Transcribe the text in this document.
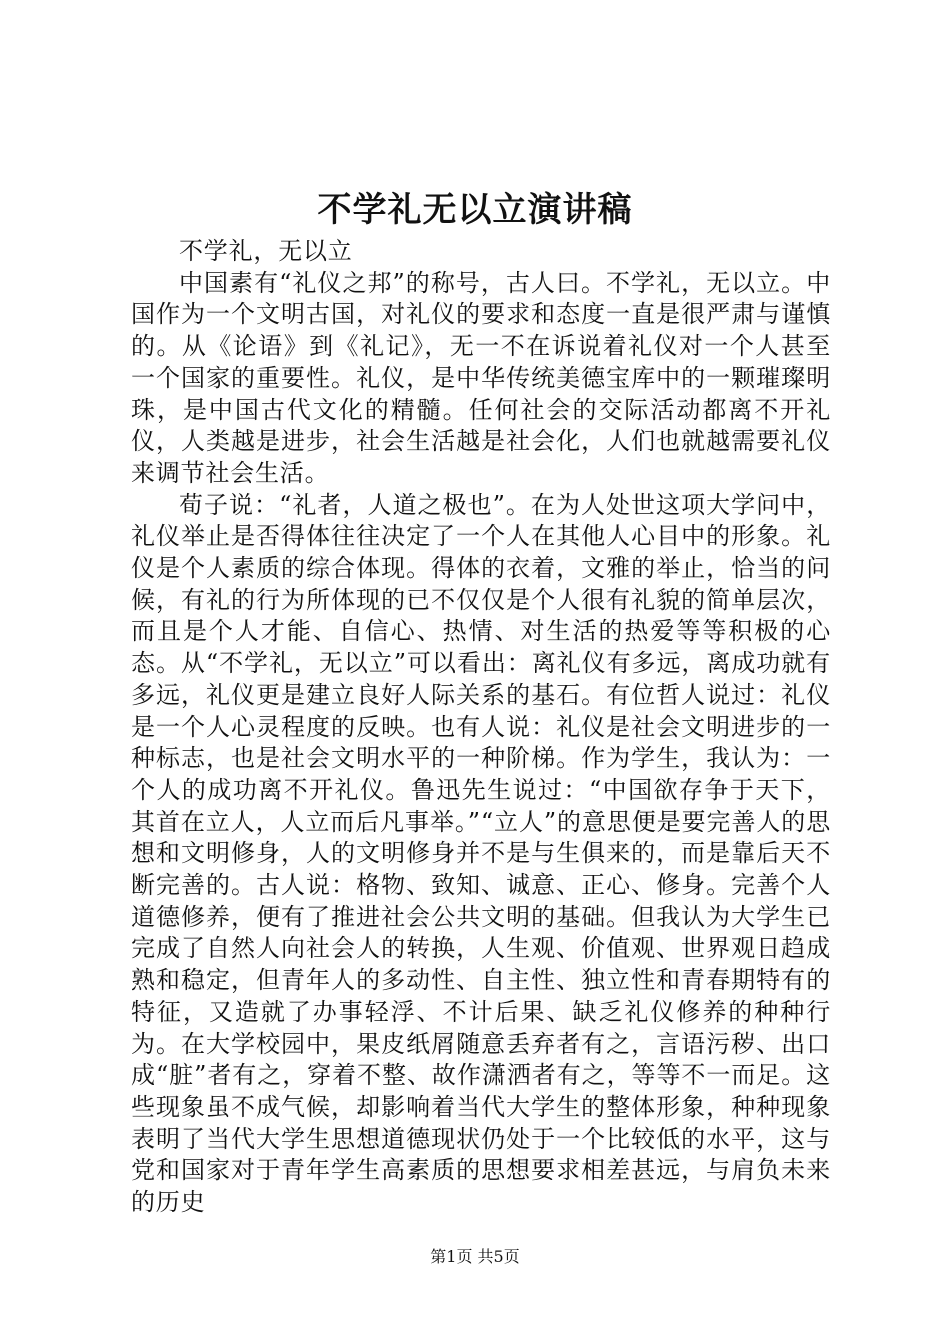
不学礼无以立演讲稿

不学礼，无以立

中国素有“礼仪之邦”的称号，古人曰。不学礼，无以立。中国作为一个文明古国，对礼仪的要求和态度一直是很严肃与谨慎的。从《论语》到《礼记》，无一不在诉说着礼仪对一个人甚至一个国家的重要性。礼仪，是中华传统美德宝库中的一颗璀璨明珠，是中国古代文化的精髓。任何社会的交际活动都离不开礼仪，人类越是进步，社会生活越是社会化，人们也就越需要礼仪来调节社会生活。

荀子说：“礼者，人道之极也”。在为人处世这项大学问中，礼仪举止是否得体往往决定了一个人在其他人心目中的形象。礼仪是个人素质的综合体现。得体的衣着，文雅的举止，恰当的问候，有礼的行为所体现的已不仅仅是个人很有礼貌的简单层次，而且是个人才能、自信心、热情、对生活的热爱等等积极的心态。从“不学礼，无以立”可以看出：离礼仪有多远，离成功就有多远，礼仪更是建立良好人际关系的基石。有位哲人说过：礼仪是一个人心灵程度的反映。也有人说：礼仪是社会文明进步的一种标志，也是社会文明水平的一种阶梯。作为学生，我认为：一个人的成功离不开礼仪。鲁迅先生说过：“中国欲存争于天下，其首在立人，人立而后凡事举。”“立人”的意思便是要完善人的思想和文明修身，人的文明修身并不是与生俱来的，而是靠后天不断完善的。古人说：格物、致知、诚意、正心、修身。完善个人道德修养，便有了推进社会公共文明的基础。但我认为大学生已完成了自然人向社会人的转换，人生观、价值观、世界观日趋成熟和稳定，但青年人的多动性、自主性、独立性和青春期特有的特征，又造就了办事轻浮、不计后果、缺乏礼仪修养的种种行为。在大学校园中，果皮纸屑随意丢弃者有之，言语污秽、出口成“脏”者有之，穿着不整、故作潇洒者有之，等等不一而足。这些现象虽不成气候，却影响着当代大学生的整体形象，种种现象表明了当代大学生思想道德现状仍处于一个比较低的水平，这与党和国家对于青年学生高素质的思想要求相差甚远，与肩负未来的历史

第1页 共5页
